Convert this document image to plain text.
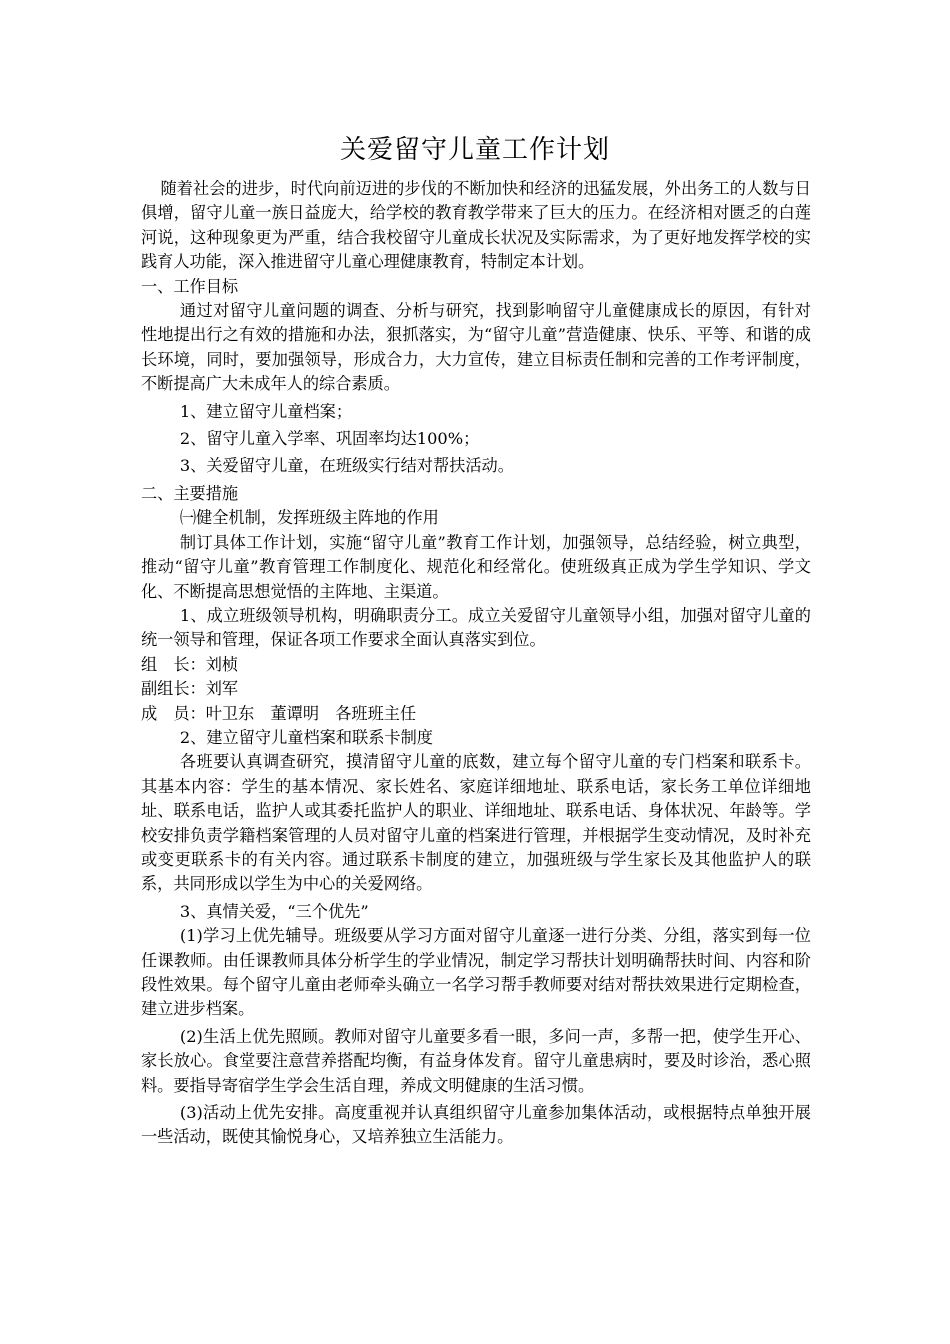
关爱留守儿童工作计划

随着社会的进步，时代向前迈进的步伐的不断加快和经济的迅猛发展，外出务工的人数与日俱增，留守儿童一族日益庞大，给学校的教育教学带来了巨大的压力。在经济相对匮乏的白莲河说，这种现象更为严重，结合我校留守儿童成长状况及实际需求，为了更好地发挥学校的实践育人功能，深入推进留守儿童心理健康教育，特制定本计划。

一、工作目标

通过对留守儿童问题的调查、分析与研究，找到影响留守儿童健康成长的原因，有针对性地提出行之有效的措施和办法，狠抓落实，为“留守儿童”营造健康、快乐、平等、和谐的成长环境，同时，要加强领导，形成合力，大力宣传，建立目标责任制和完善的工作考评制度，不断提高广大未成年人的综合素质。

1、建立留守儿童档案；

2、留守儿童入学率、巩固率均达100%；

3、关爱留守儿童，在班级实行结对帮扶活动。

二、主要措施

㈠健全机制，发挥班级主阵地的作用

制订具体工作计划，实施“留守儿童”教育工作计划，加强领导，总结经验，树立典型，推动“留守儿童”教育管理工作制度化、规范化和经常化。使班级真正成为学生学知识、学文化、不断提高思想觉悟的主阵地、主渠道。

1、成立班级领导机构，明确职责分工。成立关爱留守儿童领导小组，加强对留守儿童的统一领导和管理，保证各项工作要求全面认真落实到位。

组　长：刘桢

副组长：刘军

成　员：叶卫东　董谭明　各班班主任

2、建立留守儿童档案和联系卡制度

各班要认真调查研究，摸清留守儿童的底数，建立每个留守儿童的专门档案和联系卡。其基本内容：学生的基本情况、家长姓名、家庭详细地址、联系电话，家长务工单位详细地址、联系电话，监护人或其委托监护人的职业、详细地址、联系电话、身体状况、年龄等。学校安排负责学籍档案管理的人员对留守儿童的档案进行管理，并根据学生变动情况，及时补充或变更联系卡的有关内容。通过联系卡制度的建立，加强班级与学生家长及其他监护人的联系，共同形成以学生为中心的关爱网络。

3、真情关爱，“三个优先”

(1)学习上优先辅导。班级要从学习方面对留守儿童逐一进行分类、分组，落实到每一位任课教师。由任课教师具体分析学生的学业情况，制定学习帮扶计划明确帮扶时间、内容和阶段性效果。每个留守儿童由老师牵头确立一名学习帮手教师要对结对帮扶效果进行定期检查，建立进步档案。

(2)生活上优先照顾。教师对留守儿童要多看一眼，多问一声，多帮一把，使学生开心、家长放心。食堂要注意营养搭配均衡，有益身体发育。留守儿童患病时，要及时诊治，悉心照料。要指导寄宿学生学会生活自理，养成文明健康的生活习惯。

(3)活动上优先安排。高度重视并认真组织留守儿童参加集体活动，或根据特点单独开展一些活动，既使其愉悦身心，又培养独立生活能力。
